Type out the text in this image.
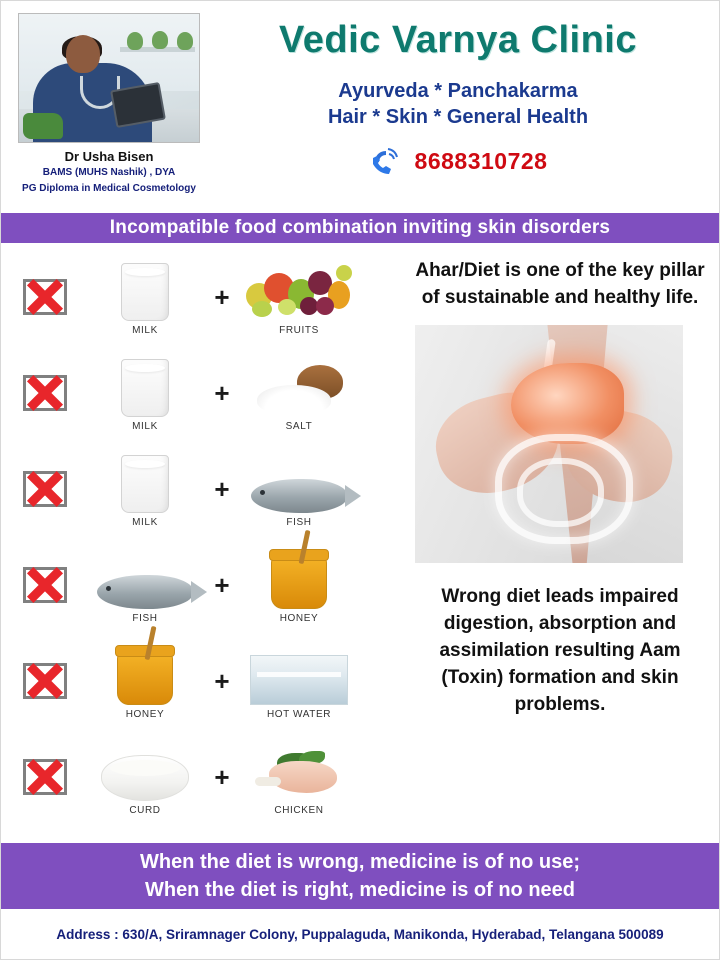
Dr Usha Bisen
BAMS (MUHS Nashik) , DYA
PG Diploma in Medical Cosmetology
Vedic Varnya Clinic
Ayurveda * Panchakarma
Hair * Skin * General Health
8688310728
Incompatible food combination inviting skin disorders
MILK
+
FRUITS
MILK
+
SALT
MILK
+
FISH
FISH
+
HONEY
HONEY
+
HOT WATER
CURD
+
CHICKEN
Ahar/Diet is one of the key pillar of sustainable and healthy life.
Wrong diet leads impaired digestion, absorption and assimilation resulting Aam (Toxin) formation and skin problems.
When the diet is wrong, medicine is of no use;
When the diet is right, medicine is of no need
Address : 630/A, Sriramnager Colony, Puppalaguda, Manikonda, Hyderabad, Telangana 500089
